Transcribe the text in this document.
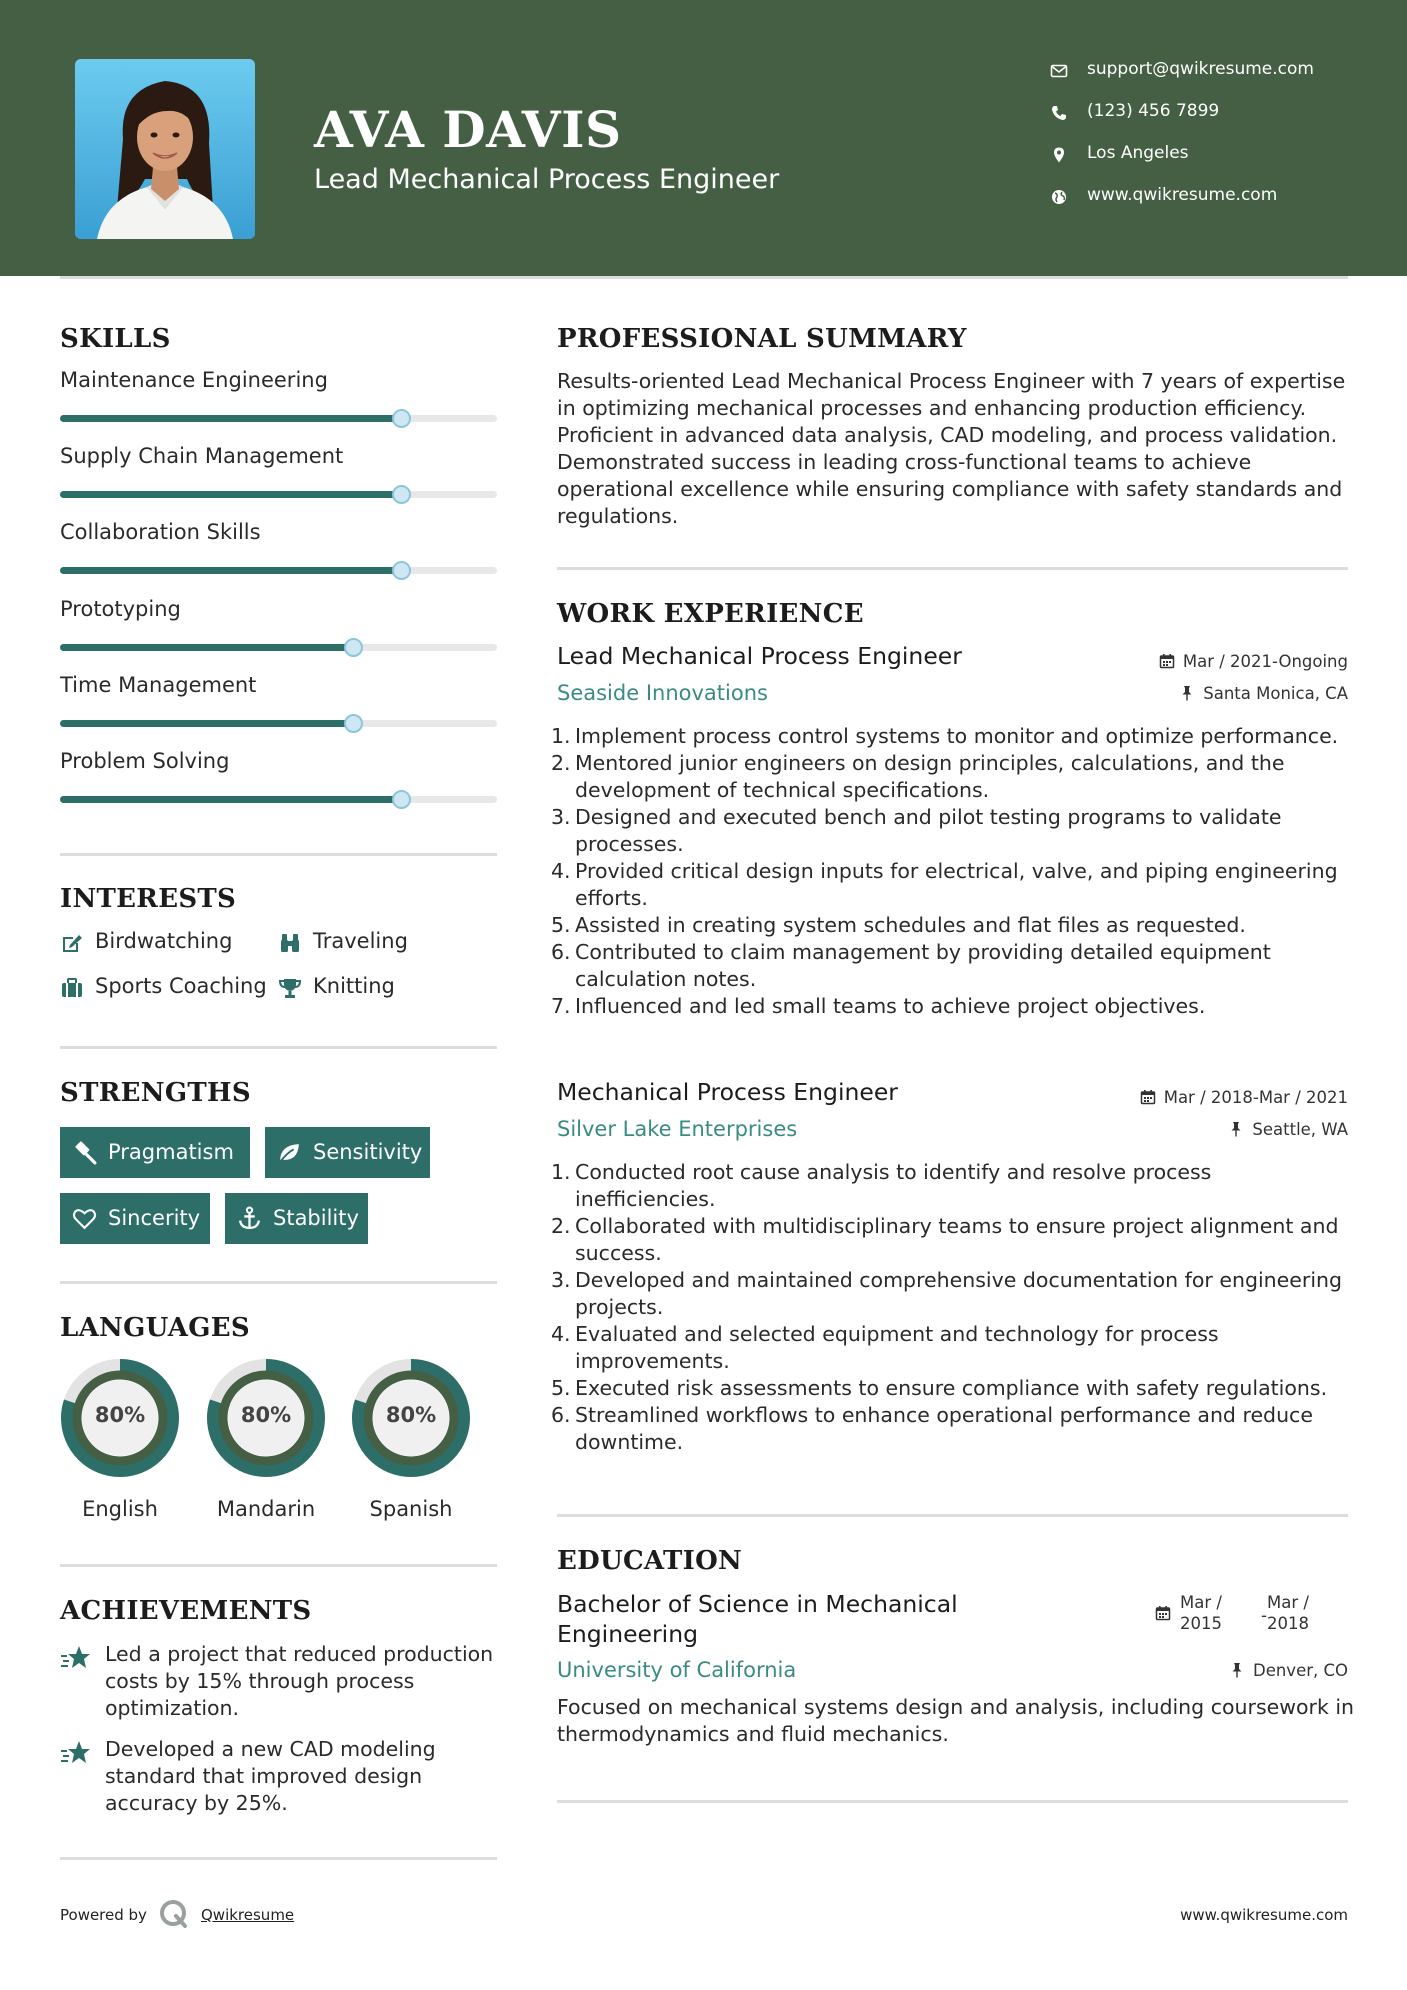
AVA DAVIS
Lead Mechanical Process Engineer
support@qwikresume.com
(123) 456 7899
Los Angeles
www.qwikresume.com
SKILLS
Maintenance Engineering
Supply Chain Management
Collaboration Skills
Prototyping
Time Management
Problem Solving
INTERESTS
Birdwatching	Traveling
Sports Coaching Knitting
STRENGTHS
Pragmatism	Sensitivity
Sincerity	Stability
LANGUAGES
80%
English
80%
Mandarin
80%
Spanish
ACHIEVEMENTS
Led a project that reduced production costs by 15% through process optimization.
Developed a new CAD modeling standard that improved design accuracy by 25%.
PROFESSIONAL SUMMARY
Results-oriented Lead Mechanical Process Engineer with 7 years of expertise in optimizing mechanical processes and enhancing production efficiency. Proficient in advanced data analysis, CAD modeling, and process validation. Demonstrated success in leading cross-functional teams to achieve operational excellence while ensuring compliance with safety standards and regulations.
WORK EXPERIENCE
Lead Mechanical Process Engineer	Mar / 2021-Ongoing
Seaside Innovations	Santa Monica, CA
Implement process control systems to monitor and optimize performance.
Mentored junior engineers on design principles, calculations, and the development of technical specifications.
Designed and executed bench and pilot testing programs to validate processes.
Provided critical design inputs for electrical, valve, and piping engineering efforts.
Assisted in creating system schedules and flat files as requested.
Contributed to claim management by providing detailed equipment calculation notes.
Influenced and led small teams to achieve project objectives.
Mechanical Process Engineer	Mar / 2018-Mar / 2021
Silver Lake Enterprises	Seattle, WA
Conducted root cause analysis to identify and resolve process inefficiencies.
Collaborated with multidisciplinary teams to ensure project alignment and success.
Developed and maintained comprehensive documentation for engineering projects.
Evaluated and selected equipment and technology for process improvements.
Executed risk assessments to ensure compliance with safety regulations.
Streamlined workflows to enhance operational performance and reduce downtime.
EDUCATION
Bachelor of Science in Mechanical
Engineering
Mar /
2015 -
Mar /
2018
University of California	Denver, CO
Focused on mechanical systems design and analysis, including coursework in thermodynamics and fluid mechanics.
Powered by	Qwikresume	www.qwikresume.com
